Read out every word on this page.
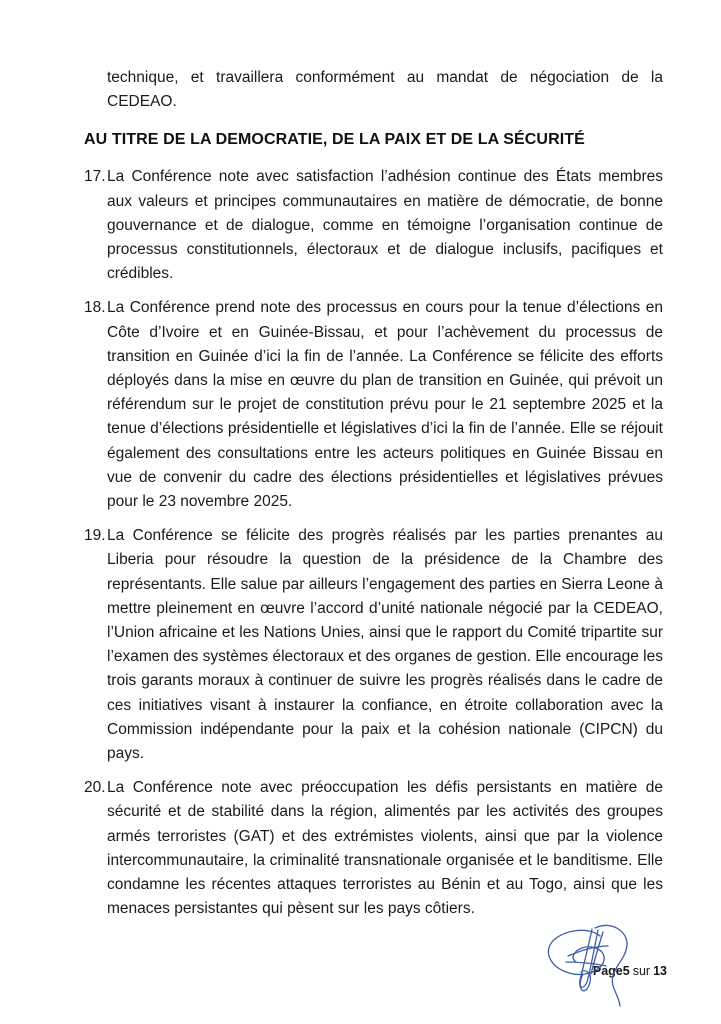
technique, et travaillera conformément au mandat de négociation de la CEDEAO.

AU TITRE DE LA DEMOCRATIE, DE LA PAIX ET DE LA SÉCURITÉ

17.La Conférence note avec satisfaction l’adhésion continue des États membres aux valeurs et principes communautaires en matière de démocratie, de bonne gouvernance et de dialogue, comme en témoigne l’organisation continue de processus constitutionnels, électoraux et de dialogue inclusifs, pacifiques et crédibles.

18.La Conférence prend note des processus en cours pour la tenue d’élections en Côte d’Ivoire et en Guinée-Bissau, et pour l’achèvement du processus de transition en Guinée d’ici la fin de l’année. La Conférence se félicite des efforts déployés dans la mise en œuvre du plan de transition en Guinée, qui prévoit un référendum sur le projet de constitution prévu pour le 21 septembre 2025 et la tenue d’élections présidentielle et législatives d’ici la fin de l’année. Elle se réjouit également des consultations entre les acteurs politiques en Guinée Bissau en vue de convenir du cadre des élections présidentielles et législatives prévues pour le 23 novembre 2025.

19.La Conférence se félicite des progrès réalisés par les parties prenantes au Liberia pour résoudre la question de la présidence de la Chambre des représentants. Elle salue par ailleurs l’engagement des parties en Sierra Leone à mettre pleinement en œuvre l’accord d’unité nationale négocié par la CEDEAO, l’Union africaine et les Nations Unies, ainsi que le rapport du Comité tripartite sur l’examen des systèmes électoraux et des organes de gestion. Elle encourage les trois garants moraux à continuer de suivre les progrès réalisés dans le cadre de ces initiatives visant à instaurer la confiance, en étroite collaboration avec la Commission indépendante pour la paix et la cohésion nationale (CIPCN) du pays.

20.La Conférence note avec préoccupation les défis persistants en matière de sécurité et de stabilité dans la région, alimentés par les activités des groupes armés terroristes (GAT) et des extrémistes violents, ainsi que par la violence intercommunautaire, la criminalité transnationale organisée et le banditisme. Elle condamne les récentes attaques terroristes au Bénin et au Togo, ainsi que les menaces persistantes qui pèsent sur les pays côtiers.

Page5 sur 13
